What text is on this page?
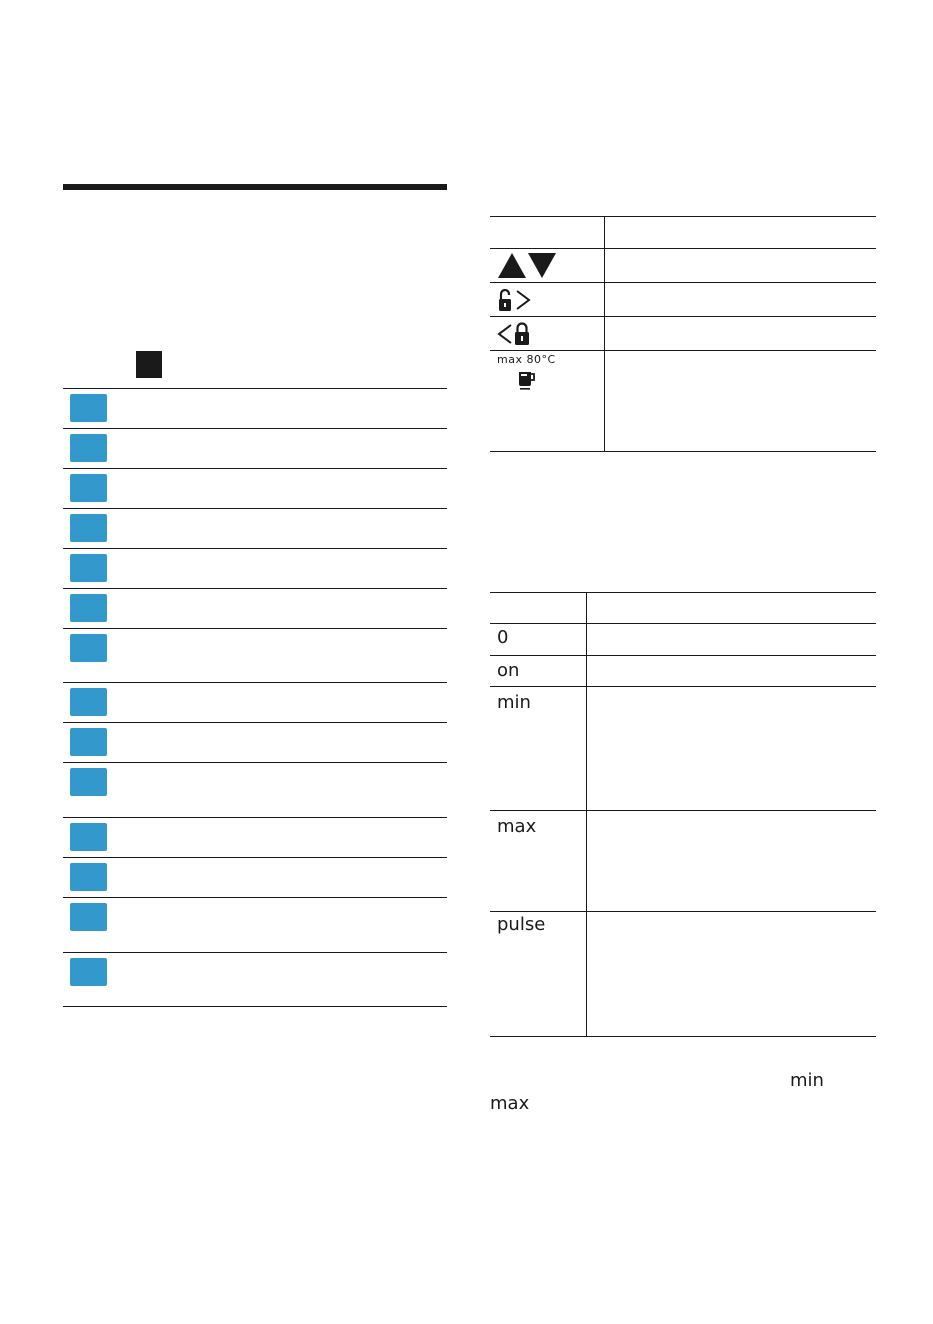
max 80°C
0
on
min
max
pulse
min
max
